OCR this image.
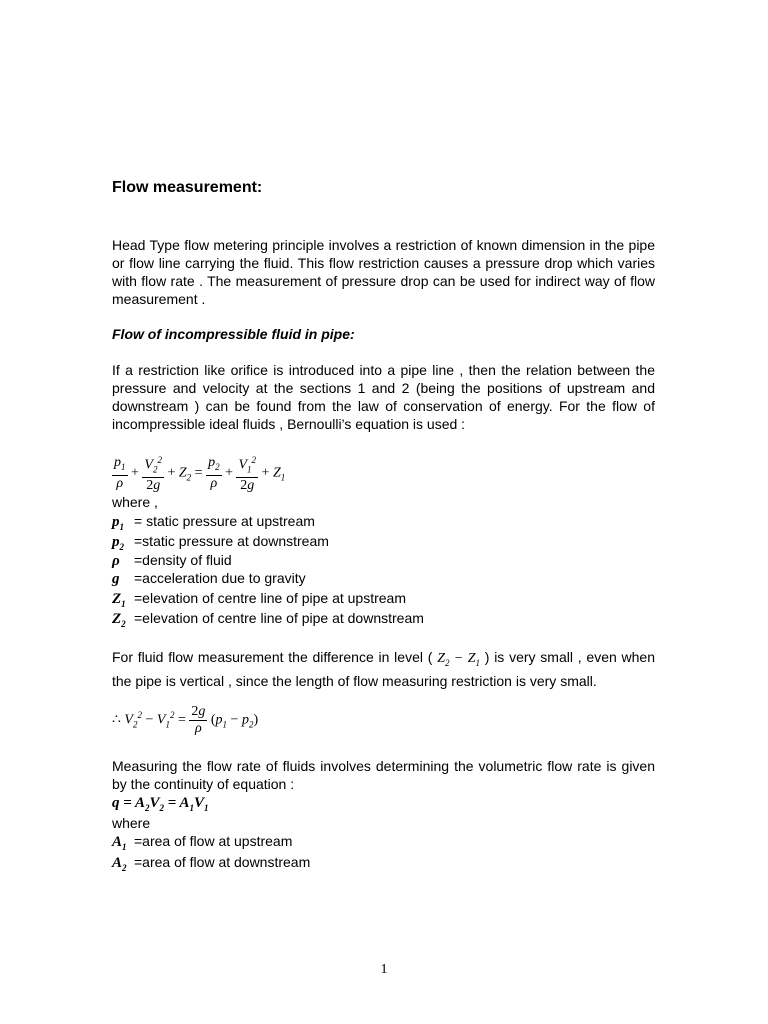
Flow measurement:

Head Type flow metering principle involves a restriction of known dimension in the pipe or flow line carrying the fluid. This flow restriction causes a pressure drop which varies with flow rate . The measurement of pressure drop can be used for indirect way of flow measurement .

Flow of incompressible fluid in pipe:

If a restriction like orifice is introduced into a pipe line , then the relation between the pressure and velocity at the sections 1 and 2 (being the positions of upstream and downstream ) can be found from the law of conservation of energy. For the flow of incompressible ideal fluids , Bernoulli’s equation is used :

$\frac{p_1}{\rho} + \frac{V_2^2}{2g} + Z_2 = \frac{p_2}{\rho} + \frac{V_1^2}{2g} + Z_1$
where ,
$p_1$ = static pressure at upstream
$p_2$ =static pressure at downstream
ρ =density of fluid
g =acceleration due to gravity
$Z_1$ =elevation of centre line of pipe at upstream
$Z_2$ =elevation of centre line of pipe at downstream

For fluid flow measurement the difference in level ( $Z_2 - Z_1$ ) is very small , even when the pipe is vertical , since the length of flow measuring restriction is very small.

∴ $V_2^2 - V_1^2 = \frac{2g}{\rho} (p_1 - p_2)$

Measuring the flow rate of fluids involves determining the volumetric flow rate is given by the continuity of equation :

$q = A_2V_2 = A_1V_1$
where
$A_1$ =area of flow at upstream
$A_2$ =area of flow at downstream
1
